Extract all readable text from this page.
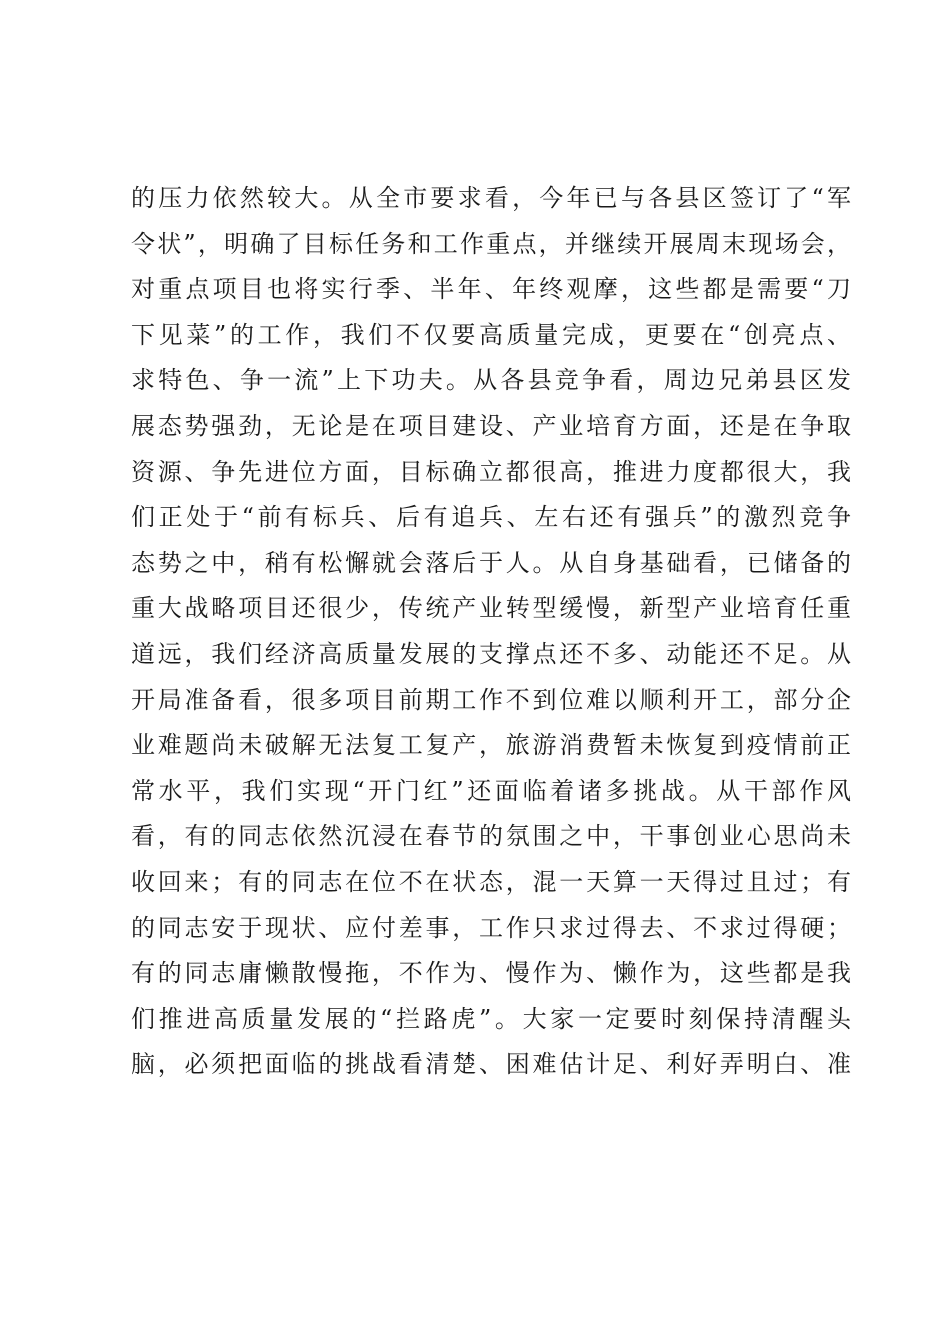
的压力依然较大。从全市要求看，今年已与各县区签订了“军
令状”，明确了目标任务和工作重点，并继续开展周末现场会，
对重点项目也将实行季、半年、年终观摩，这些都是需要“刀
下见菜”的工作，我们不仅要高质量完成，更要在“创亮点、
求特色、争一流”上下功夫。从各县竞争看，周边兄弟县区发
展态势强劲，无论是在项目建设、产业培育方面，还是在争取
资源、争先进位方面，目标确立都很高，推进力度都很大，我
们正处于“前有标兵、后有追兵、左右还有强兵”的激烈竞争
态势之中，稍有松懈就会落后于人。从自身基础看，已储备的
重大战略项目还很少，传统产业转型缓慢，新型产业培育任重
道远，我们经济高质量发展的支撑点还不多、动能还不足。从
开局准备看，很多项目前期工作不到位难以顺利开工，部分企
业难题尚未破解无法复工复产，旅游消费暂未恢复到疫情前正
常水平，我们实现“开门红”还面临着诸多挑战。从干部作风
看，有的同志依然沉浸在春节的氛围之中，干事创业心思尚未
收回来；有的同志在位不在状态，混一天算一天得过且过；有
的同志安于现状、应付差事，工作只求过得去、不求过得硬；
有的同志庸懒散慢拖，不作为、慢作为、懒作为，这些都是我
们推进高质量发展的“拦路虎”。大家一定要时刻保持清醒头
脑，必须把面临的挑战看清楚、困难估计足、利好弄明白、准
